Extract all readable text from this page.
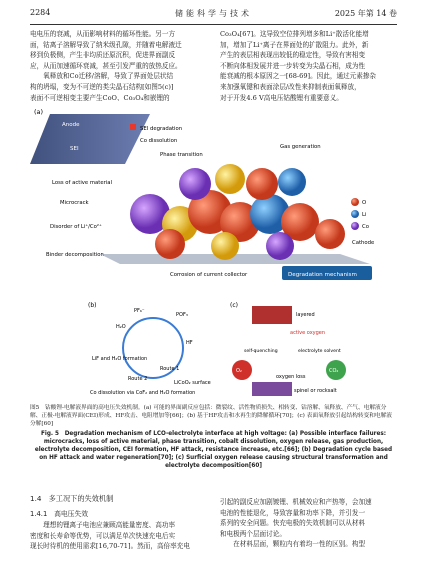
2284	储能科学与技术	2025 年第 14 卷

电电压的衰减，从而影响材料的循环性能。另一方

面，钴离子溶解导致了纳米级孔隙，并随着电解液迁

移到负极侧，产生非均质还原沉积，促进界面副反

应，从而加速循环衰减，甚至引发严重的放热反应。

　　氧释放和Co迁移/溶解，导致了界面处层状结

构的坍塌，变为不可逆的类尖晶石结构[如图5(c)]

表面不可逆相变主要产生CoO、Co₃O₄和嵌锂的

Co₃O₄[67]。这导致空位排列增多和Li⁺散活化能增

加，增加了Li⁺离子在界面处的扩散阻力。此外，新

产生的表层相表现出较低的稳定性，导致有害相变

不断向体相发展并进一步转变为尖晶石相，成为性

能衰减的根本原因之一[68-69]。因此，通过元素掺杂

来加强氧键和表面涂层/改性来抑制表面氧释放，

对于开发4.6 V高电压钴酸锂有重要意义。

(a)
Anode
SEI
SEI degradation
Co dissolution
Phase transition
Gas generation
Loss of active material
Microcrack
Disorder of Li⁺/Co²⁺
Binder decomposition
Corrosion of current collector	Degradation mechanism
O
Li
Co
Cathode
(b)
PF₆⁻
POF₃
H₂O
HF
LiF and H₂O formation
Route 1
Route 2
LiCoO₂ surface
Co dissolution via CoF₂ and H₂O formation
(c)
layered
active oxygen
O₂	CO₂
self-quenching	electrolyte solvent
oxygen loss
spinel or rocksalt

图5　钴酸锂-电解液界面的高电压失效机制。(a) 可能的界面副反应包括：微裂纹、活性物质损失、相转变、钴溶解、氧释放、产气、电解液分解、正极-电解液界面(CEI)形成、HF攻击、电阻增加等[66]；(b) 基于HF攻击和水再生的降解循环[70]；(c) 表面氧释放引起结构转变和电解液分解[60]

Fig. 5　Degradation mechanism of LCO-electrolyte interface at high voltage: (a) Possible interface failures: microcracks, loss of active material, phase transition, cobalt dissolution, oxygen release, gas production, electrolyte decomposition, CEI formation, HF attack, resistance increase, etc.[66]; (b) Degradation cycle based on HF attack and water regeneration[70]; (c) Surficial oxygen release causing structural transformation and electrolyte decomposition[60]

1.4　多工况下的失效机制
1.4.1　高电压失效

　　理想的锂离子电池应兼顾高能量密度、高功率

密度和长寿命等优势，可以满足单次快速充电后实

现长时待机的使用需求[16,70-71]。然而，高倍率充电

引起的副反应加剧镀锂、机械效应和产热等，会加速

电池的性能退化，导致容量和功率下降，并引发一

系列的安全问题。快充电极的失效机制可以从材料

和电极两个层面讨论。

　　在材料层面，颗粒内有着均一性的区别。构型
